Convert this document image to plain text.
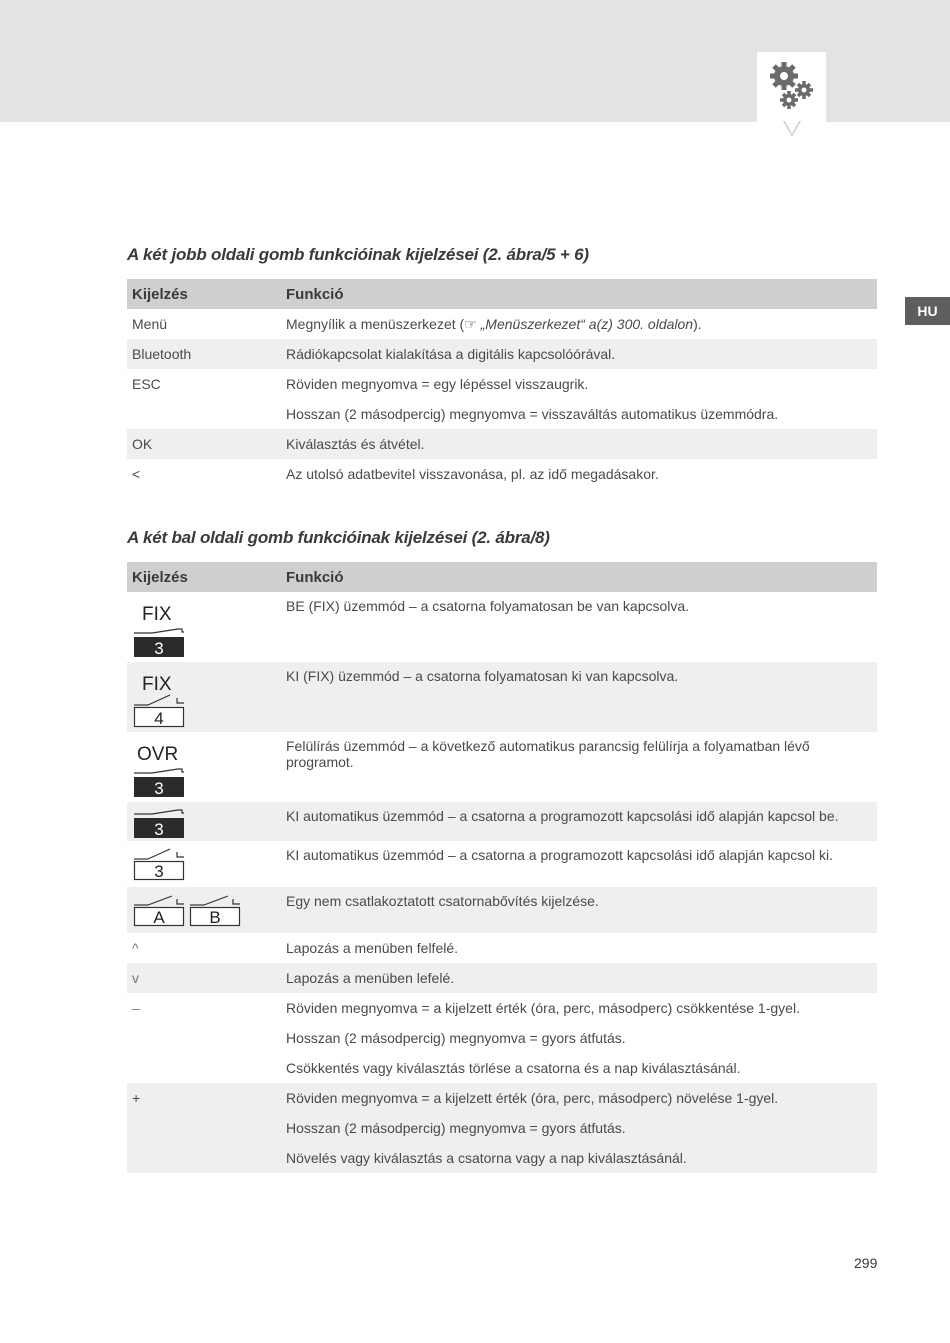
HU
A két jobb oldali gomb funkcióinak kijelzései (2. ábra/5 + 6)
Kijelzés	Funkció
Menü	Megnyílik a menüszerkezet (☞ „Menüszerkezet“ a(z) 300. oldalon).
Bluetooth	Rádiókapcsolat kialakítása a digitális kapcsolóórával.
ESC	Röviden megnyomva = egy lépéssel visszaugrik.
	Hosszan (2 másodpercig) megnyomva = visszaváltás automatikus üzemmódra.
OK	Kiválasztás és átvétel.
<	Az utolsó adatbevitel visszavonása, pl. az idő megadásakor.
A két bal oldali gomb funkcióinak kijelzései (2. ábra/8)
Kijelzés	Funkció

FIX
3	BE (FIX) üzemmód – a csatorna folyamatosan be van kapcsolva.

FIX
4	KI (FIX) üzemmód – a csatorna folyamatosan ki van kapcsolva.

OVR
3	Felülírás üzemmód – a következő automatikus parancsig felülírja a folyamatban lévő programot.

3	KI automatikus üzemmód – a csatorna a programozott kapcsolási idő alapján kapcsol be.

3	KI automatikus üzemmód – a csatorna a programozott kapcsolási idő alapján kapcsol ki.

A B	Egy nem csatlakoztatott csatornabővítés kijelzése.
^	Lapozás a menüben felfelé.
v	Lapozás a menüben lefelé.
–	Röviden megnyomva = a kijelzett érték (óra, perc, másodperc) csökkentése 1-gyel.
	Hosszan (2 másodpercig) megnyomva = gyors átfutás.
	Csökkentés vagy kiválasztás törlése a csatorna és a nap kiválasztásánál.
+	Röviden megnyomva = a kijelzett érték (óra, perc, másodperc) növelése 1-gyel.
	Hosszan (2 másodpercig) megnyomva = gyors átfutás.
	Növelés vagy kiválasztás a csatorna vagy a nap kiválasztásánál.
299
